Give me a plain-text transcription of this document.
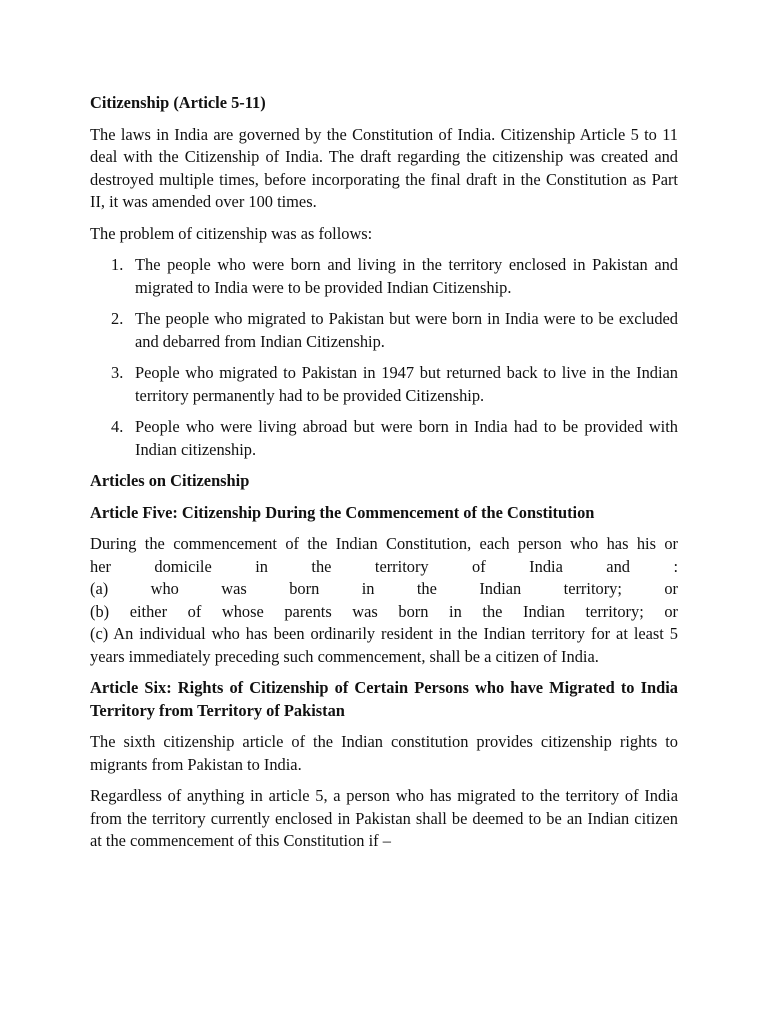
Citizenship (Article 5-11)

The laws in India are governed by the Constitution of India. Citizenship Article 5 to 11 deal with the Citizenship of India. The draft regarding the citizenship was created and destroyed multiple times, before incorporating the final draft in the Constitution as Part II, it was amended over 100 times.

The problem of citizenship was as follows:

1. The people who were born and living in the territory enclosed in Pakistan and migrated to India were to be provided Indian Citizenship.
2. The people who migrated to Pakistan but were born in India were to be excluded and debarred from Indian Citizenship.
3. People who migrated to Pakistan in 1947 but returned back to live in the Indian territory permanently had to be provided Citizenship.
4. People who were living abroad but were born in India had to be provided with Indian citizenship.
Articles on Citizenship
Article Five: Citizenship During the Commencement of the Constitution
During the commencement of the Indian Constitution, each person who has his or
her domicile in the territory of India and :
(a) who was born in the Indian territory; or
(b) either of whose parents was born in the Indian territory; or

(c) An individual who has been ordinarily resident in the Indian territory for at least 5 years immediately preceding such commencement, shall be a citizen of India.

Article Six: Rights of Citizenship of Certain Persons who have Migrated to India Territory from Territory of Pakistan

The sixth citizenship article of the Indian constitution provides citizenship rights to migrants from Pakistan to India.

Regardless of anything in article 5, a person who has migrated to the territory of India from the territory currently enclosed in Pakistan shall be deemed to be an Indian citizen at the commencement of this Constitution if –
